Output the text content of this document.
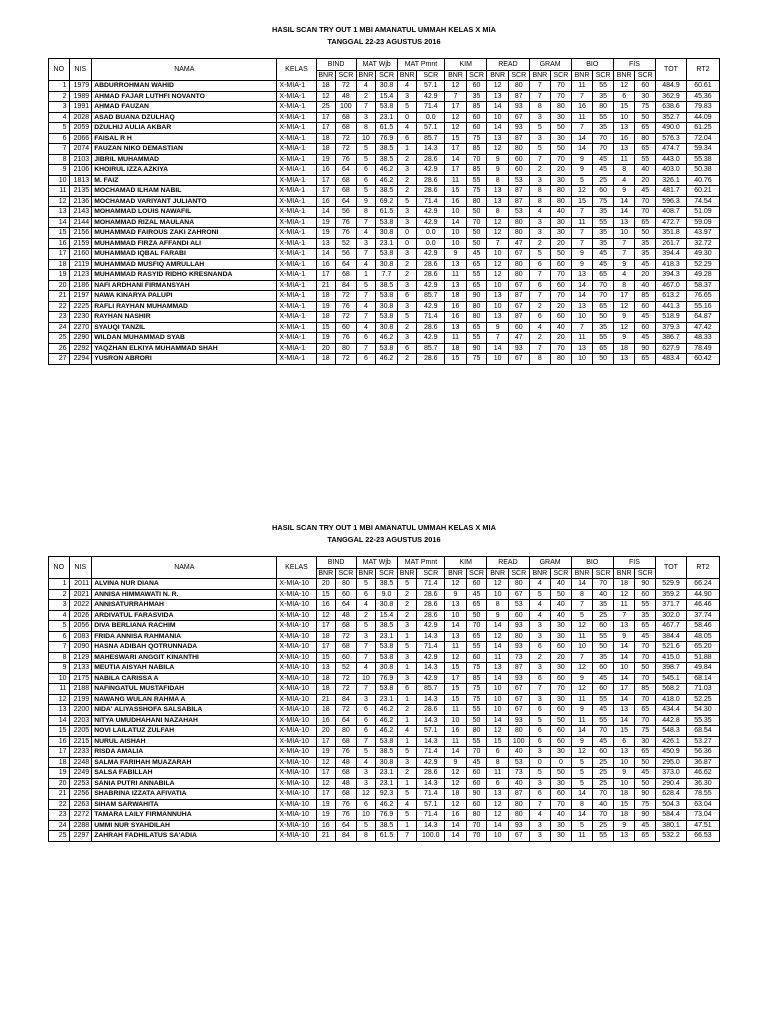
HASIL SCAN TRY OUT 1 MBI AMANATUL UMMAH KELAS X MIA
TANGGAL 22-23 AGUSTUS 2016
NO	NIS	NAMA	KELAS	BIND		MAT Wjb		MAT Pmnt		KIM		READ		GRAM		BIO		FIS		TOT	RT2
				BNR	SCR	BNR	SCR	BNR	SCR	BNR	SCR	BNR	SCR	BNR	SCR	BNR	SCR	BNR	SCR		
1	1979	ABDURROHMAN WAHID	X-MIA-1	18	72	4	30.8	4	57.1	12	60	12	80	7	70	11	55	12	60	484.9	60.61
2	1989	AHMAD FAJAR LUTHFI NOVANTO	X-MIA-1	12	48	2	15.4	3	42.9	7	35	13	87	7	70	7	35	6	30	362.9	45.36
3	1991	AHMAD FAUZAN	X-MIA-1	25	100	7	53.8	5	71.4	17	85	14	93	8	80	16	80	15	75	638.6	79.83
4	2028	ASAD BUANA DZULHAQ	X-MIA-1	17	68	3	23.1	0	0.0	12	60	10	67	3	30	11	55	10	50	352.7	44.09
5	2059	DZULHIJ AULIA AKBAR	X-MIA-1	17	68	8	61.5	4	57.1	12	60	14	93	5	50	7	35	13	65	490.0	61.25
6	2066	FAISAL R H	X-MIA-1	18	72	10	76.9	6	85.7	15	75	13	87	3	30	14	70	16	80	576.3	72.04
7	2074	FAUZAN NIKO DEMASTIAN	X-MIA-1	18	72	5	38.5	1	14.3	17	85	12	80	5	50	14	70	13	65	474.7	59.34
8	2103	JIBRIL MUHAMMAD	X-MIA-1	19	76	5	38.5	2	28.6	14	70	9	60	7	70	9	45	11	55	443.0	55.38
9	2106	KHOIRUL IZZA AZKIYA	X-MIA-1	16	64	6	46.2	3	42.9	17	85	9	60	2	20	9	45	8	40	403.0	50.38
10	1813	M. FAIZ	X-MIA-1	17	68	6	46.2	2	28.6	11	55	8	53	3	30	5	25	4	20	326.1	40.76
11	2135	MOCHAMAD ILHAM NABIL	X-MIA-1	17	68	5	38.5	2	28.6	15	75	13	87	8	80	12	60	9	45	481.7	60.21
12	2136	MOCHAMAD VARIYANT JULIANTO	X-MIA-1	16	64	9	69.2	5	71.4	16	80	13	87	8	80	15	75	14	70	596.3	74.54
13	2143	MOHAMMAD LOUIS NAWAFIL	X-MIA-1	14	56	8	61.5	3	42.9	10	50	8	53	4	40	7	35	14	70	408.7	51.09
14	2144	MOHAMMAD RIZAL MAULANA	X-MIA-1	19	76	7	53.8	3	42.9	14	70	12	80	3	30	11	55	13	65	472.7	59.09
15	2156	MUHAMMAD FAIROUS ZAKI ZAHRONI	X-MIA-1	19	76	4	30.8	0	0.0	10	50	12	80	3	30	7	35	10	50	351.8	43.97
16	2159	MUHAMMAD FIRZA AFFANDI ALI	X-MIA-1	13	52	3	23.1	0	0.0	10	50	7	47	2	20	7	35	7	35	261.7	32.72
17	2160	MUHAMMAD IQBAL FARABI	X-MIA-1	14	56	7	53.8	3	42.9	9	45	10	67	5	50	9	45	7	35	394.4	49.30
18	2119	MUHAMMAD MUSFIQ AMRULLAH	X-MIA-1	16	64	4	30.8	2	28.6	13	65	12	80	6	60	9	45	9	45	418.3	52.29
19	2123	MUHAMMAD RASYID RIDHO KRESNANDA	X-MIA-1	17	68	1	7.7	2	28.6	11	55	12	80	7	70	13	65	4	20	394.3	49.28
20	2186	NAFI ARDHANI FIRMANSYAH	X-MIA-1	21	84	5	38.5	3	42.9	13	65	10	67	6	60	14	70	8	40	467.0	58.37
21	2197	NAWA KINARYA PALUPI	X-MIA-1	18	72	7	53.8	6	85.7	18	90	13	87	7	70	14	70	17	85	613.2	76.65
22	2225	RAFLI RAYHAN MUHAMMAD	X-MIA-1	19	76	4	30.8	3	42.9	16	80	10	67	2	20	13	65	12	60	441.3	55.16
23	2230	RAYHAN NASHIR	X-MIA-1	18	72	7	53.8	5	71.4	16	80	13	87	6	60	10	50	9	45	518.9	64.87
24	2270	SYAUQI TANZIL	X-MIA-1	15	60	4	30.8	2	28.6	13	65	9	60	4	40	7	35	12	60	379.3	47.42
25	2290	WILDAN MUHAMMAD SYAB	X-MIA-1	19	76	6	46.2	3	42.9	11	55	7	47	2	20	11	55	9	45	386.7	48.33
26	2292	YAQZHAN ELKIYA MUHAMMAD SHAH	X-MIA-1	20	80	7	53.8	6	85.7	18	90	14	93	7	70	13	65	18	90	627.9	78.49
27	2294	YUSRON ABRORI	X-MIA-1	18	72	6	46.2	2	28.6	15	75	10	67	8	80	10	50	13	65	483.4	60.42
HASIL SCAN TRY OUT 1 MBI AMANATUL UMMAH KELAS X MIA
TANGGAL 22-23 AGUSTUS 2016
NO	NIS	NAMA	KELAS	BIND		MAT Wjb		MAT Pmnt		KIM		READ		GRAM		BIO		FIS		TOT	RT2
				BNR	SCR	BNR	SCR	BNR	SCR	BNR	SCR	BNR	SCR	BNR	SCR	BNR	SCR	BNR	SCR		
1	2011	ALVINA NUR DIANA	X-MIA-10	20	80	5	38.5	5	71.4	12	60	12	80	4	40	14	70	18	90	529.9	66.24
2	2021	ANNISA HIMMAWATI N. R.	X-MIA-10	15	60	6	9.0	2	28.6	9	45	10	67	5	50	8	40	12	60	359.2	44.90
3	2022	ANNISATURRAHMAH	X-MIA-10	16	64	4	30.8	2	28.6	13	65	8	53	4	40	7	35	11	55	371.7	46.46
4	2026	ARDIVATUL FARASVIDA	X-MIA-10	12	48	2	15.4	2	28.6	10	50	9	60	4	40	5	25	7	35	302.0	37.74
5	2056	DIVA BERLIANA RACHIM	X-MIA-10	17	68	5	38.5	3	42.9	14	70	14	93	3	30	12	60	13	65	467.7	58.46
6	2083	FRIDA ANNISA RAHMANIA	X-MIA-10	18	72	3	23.1	1	14.3	13	65	12	80	3	30	11	55	9	45	384.4	48.05
7	2090	HASNA ADIBAH QOTRUNNADA	X-MIA-10	17	68	7	53.8	5	71.4	11	55	14	93	6	60	10	50	14	70	521.6	65.20
8	2129	MAHESWARI ANGGIT KINANTHI	X-MIA-10	15	60	7	53.8	3	42.9	12	60	11	73	2	20	7	35	14	70	415.0	51.88
9	2133	MEUTIA AISYAH NABILA	X-MIA-10	13	52	4	30.8	1	14.3	15	75	13	87	3	30	12	60	10	50	398.7	49.84
10	2175	NABILA CARISSA A	X-MIA-10	18	72	10	76.9	3	42.9	17	85	14	93	6	60	9	45	14	70	545.1	68.14
11	2188	NAFINGATUL MUSTAFIDAH	X-MIA-10	18	72	7	53.8	6	85.7	15	75	10	67	7	70	12	60	17	85	568.2	71.03
12	2199	NAWANG WULAN RAHMA A	X-MIA-10	21	84	3	23.1	1	14.3	15	75	10	67	3	30	11	55	14	70	418.0	52.25
13	2200	NIDA' ALIYASSHOFA SALSABILA	X-MIA-10	18	72	6	46.2	2	28.6	11	55	10	67	6	60	9	45	13	65	434.4	54.30
14	2203	NITYA UMUDHAHANI NAZAHAH	X-MIA-10	16	64	6	46.2	1	14.3	10	50	14	93	5	50	11	55	14	70	442.8	55.35
15	2205	NOVI LAILATUZ ZULFAH	X-MIA-10	20	80	6	46.2	4	57.1	16	80	12	80	6	60	14	70	15	75	548.3	68.54
16	2215	NURUL AISHAH	X-MIA-10	17	68	7	53.8	1	14.3	11	55	15	100	6	60	9	45	6	30	426.1	53.27
17	2233	RISDA AMALIA	X-MIA-10	19	76	5	38.5	5	71.4	14	70	6	40	3	30	12	60	13	65	450.9	56.36
18	2248	SALMA FARIHAH MUAZARAH	X-MIA-10	12	48	4	30.8	3	42.9	9	45	8	53	0	0	5	25	10	50	295.0	36.87
19	2249	SALSA FABILLAH	X-MIA-10	17	68	3	23.1	2	28.6	12	60	11	73	5	50	5	25	9	45	373.0	46.62
20	2253	SANIA PUTRI ANNABILA	X-MIA-10	12	48	3	23.1	1	14.3	12	60	6	40	3	30	5	25	10	50	290.4	36.30
21	2256	SHABRINA IZZATA AFIVATIA	X-MIA-10	17	68	12	92.3	5	71.4	18	90	13	87	6	60	14	70	18	90	628.4	78.55
22	2263	SIHAM SARWAHITA	X-MIA-10	19	76	6	46.2	4	57.1	12	60	12	80	7	70	8	40	15	75	504.3	63.04
23	2272	TAMARA LAILY FIRMANNUHA	X-MIA-10	19	76	10	76.9	5	71.4	16	80	12	80	4	40	14	70	18	90	584.4	73.04
24	2288	UMMI NUR SYAHDILAH	X-MIA-10	16	64	5	38.5	1	14.3	14	70	14	93	3	30	5	25	9	45	380.1	47.51
25	2297	ZAHRAH FADHILATUS SA'ADIA	X-MIA-10	21	84	8	61.5	7	100.0	14	70	10	67	3	30	11	55	13	65	532.2	66.53
